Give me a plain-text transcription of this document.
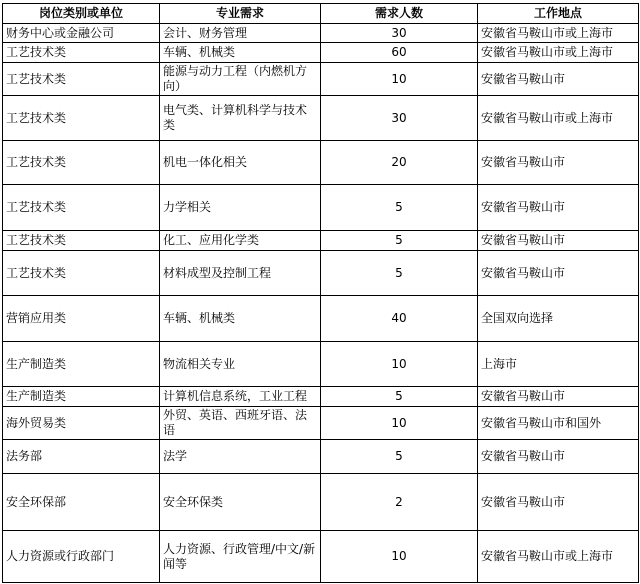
岗位类别或单位	专业需求	需求人数	工作地点
财务中心或金融公司	会计、财务管理	30	安徽省马鞍山市或上海市
工艺技术类	车辆、机械类	60	安徽省马鞍山市或上海市
工艺技术类	能源与动力工程（内燃机方向）	10	安徽省马鞍山市
工艺技术类	电气类、计算机科学与技术类	30	安徽省马鞍山市或上海市
工艺技术类	机电一体化相关	20	安徽省马鞍山市
工艺技术类	力学相关	5	安徽省马鞍山市
工艺技术类	化工、应用化学类	5	安徽省马鞍山市
工艺技术类	材料成型及控制工程	5	安徽省马鞍山市
营销应用类	车辆、机械类	40	全国双向选择
生产制造类	物流相关专业	10	上海市
生产制造类	计算机信息系统，工业工程	5	安徽省马鞍山市
海外贸易类	外贸、英语、西班牙语、法语	10	安徽省马鞍山市和国外
法务部	法学	5	安徽省马鞍山市
安全环保部	安全环保类	2	安徽省马鞍山市
人力资源或行政部门	人力资源、行政管理/中文/新闻等	10	安徽省马鞍山市或上海市
